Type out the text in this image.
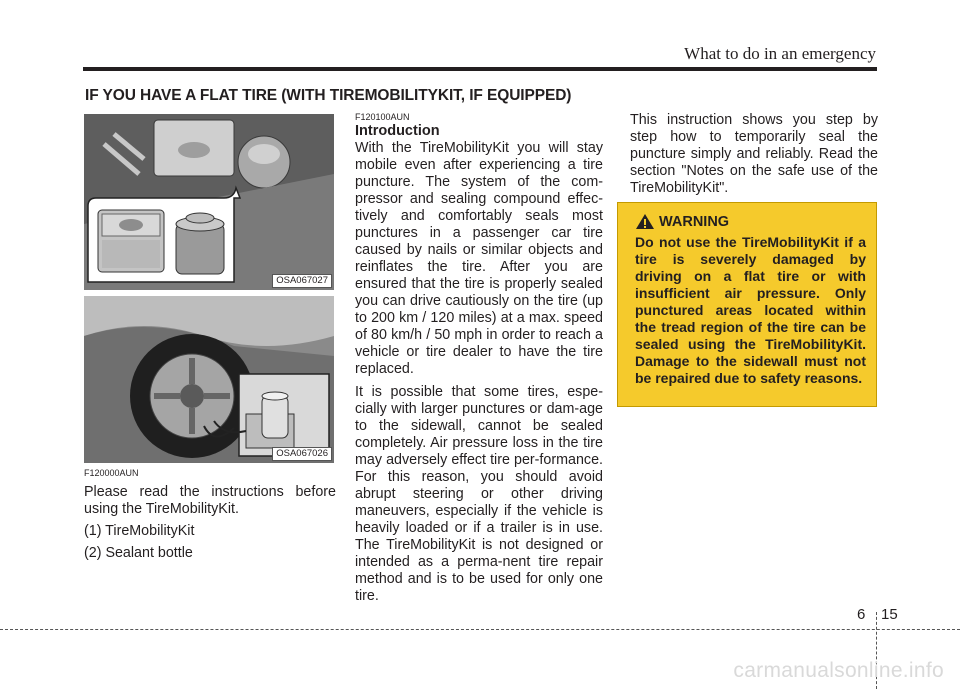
What to do in an emergency
IF YOU HAVE A FLAT TIRE (WITH TIREMOBILITYKIT, IF EQUIPPED)
OSA067027
OSA067026

F120000AUN

Please read the instructions before using the TireMobilityKit.

(1) TireMobilityKit

(2) Sealant bottle

F120100AUN

Introduction

With the TireMobilityKit you will stay mobile even after experiencing a tire puncture. The system of the com-pressor and sealing compound effec-tively and comfortably seals most punctures in a passenger car tire caused by nails or similar objects and reinflates the tire. After you are ensured that the tire is properly sealed you can drive cautiously on the tire (up to 200 km / 120 miles) at a max. speed of 80 km/h / 50 mph in order to reach a vehicle or tire dealer to have the tire replaced.

It is possible that some tires, espe-cially with larger punctures or dam-age to the sidewall, cannot be sealed completely. Air pressure loss in the tire may adversely effect tire per-formance. For this reason, you should avoid abrupt steering or other driving maneuvers, especially if the vehicle is heavily loaded or if a trailer is in use. The TireMobilityKit is not designed or intended as a perma-nent tire repair method and is to be used for only one tire.

This instruction shows you step by step how to temporarily seal the puncture simply and reliably. Read the section "Notes on the safe use of the TireMobilityKit".

WARNING
Do not use the TireMobilityKit if a tire is severely damaged by driving on a flat tire or with insufficient air pressure. Only punctured areas located within the tread region of the tire can be sealed using the TireMobilityKit. Damage to the sidewall must not be repaired due to safety reasons.
6 15
carmanualsonline.info
